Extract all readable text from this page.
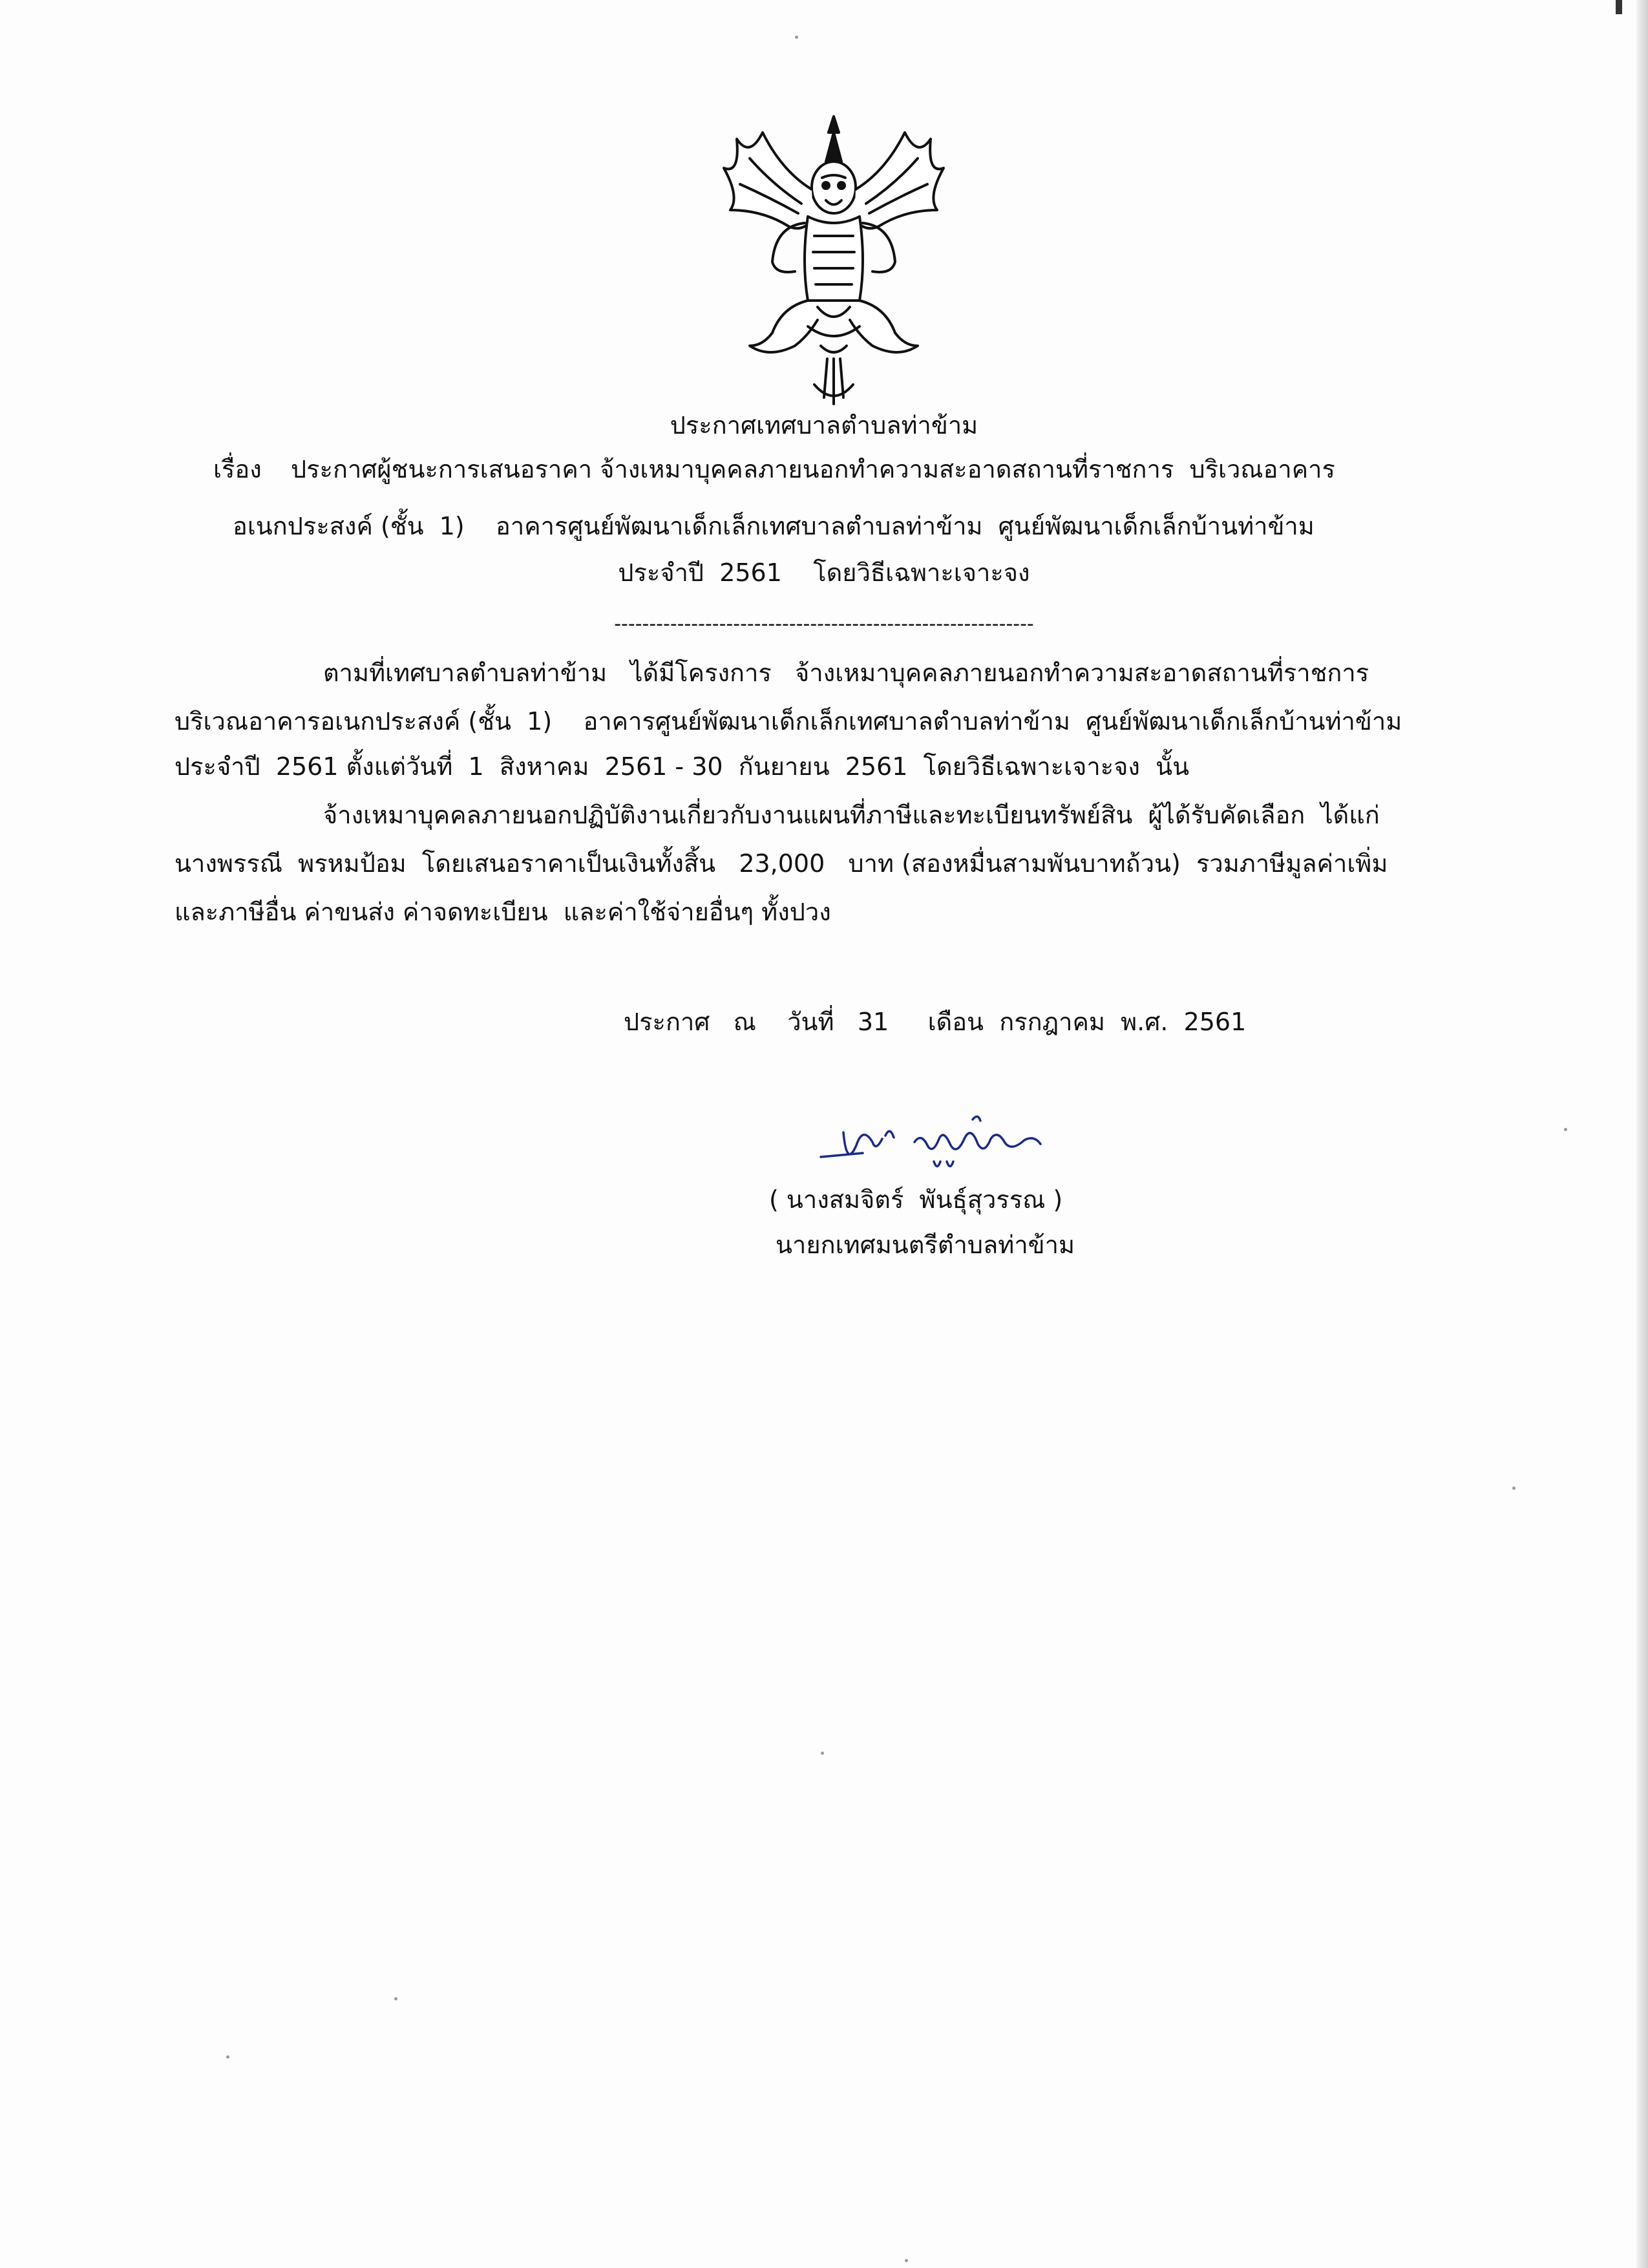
ประกาศเทศบาลตำบลท่าข้าม
เรื่อง ประกาศผู้ชนะการเสนอราคา จ้างเหมาบุคคลภายนอกทำความสะอาดสถานที่ราชการ  บริเวณอาคาร
อเนกประสงค์ (ชั้น  1)    อาคารศูนย์พัฒนาเด็กเล็กเทศบาลตำบลท่าข้าม  ศูนย์พัฒนาเด็กเล็กบ้านท่าข้าม
ประจำปี  2561    โดยวิธีเฉพาะเจาะจง
------------------------------------------------------------
ตามที่เทศบาลตำบลท่าข้าม   ได้มีโครงการ   จ้างเหมาบุคคลภายนอกทำความสะอาดสถานที่ราชการ
บริเวณอาคารอเนกประสงค์ (ชั้น  1)    อาคารศูนย์พัฒนาเด็กเล็กเทศบาลตำบลท่าข้าม  ศูนย์พัฒนาเด็กเล็กบ้านท่าข้าม
ประจำปี  2561 ตั้งแต่วันที่  1  สิงหาคม  2561 - 30  กันยายน  2561  โดยวิธีเฉพาะเจาะจง  นั้น
จ้างเหมาบุคคลภายนอกปฏิบัติงานเกี่ยวกับงานแผนที่ภาษีและทะเบียนทรัพย์สิน  ผู้ได้รับคัดเลือก  ได้แก่
นางพรรณี  พรหมป้อม  โดยเสนอราคาเป็นเงินทั้งสิ้น   23,000   บาท (สองหมื่นสามพันบาทถ้วน)  รวมภาษีมูลค่าเพิ่ม
และภาษีอื่น ค่าขนส่ง ค่าจดทะเบียน  และค่าใช้จ่ายอื่นๆ ทั้งปวง
ประกาศ   ณ    วันที่   31     เดือน  กรกฎาคม  พ.ศ.  2561
( นางสมจิตร์  พันธุ์สุวรรณ )
นายกเทศมนตรีตำบลท่าข้าม
